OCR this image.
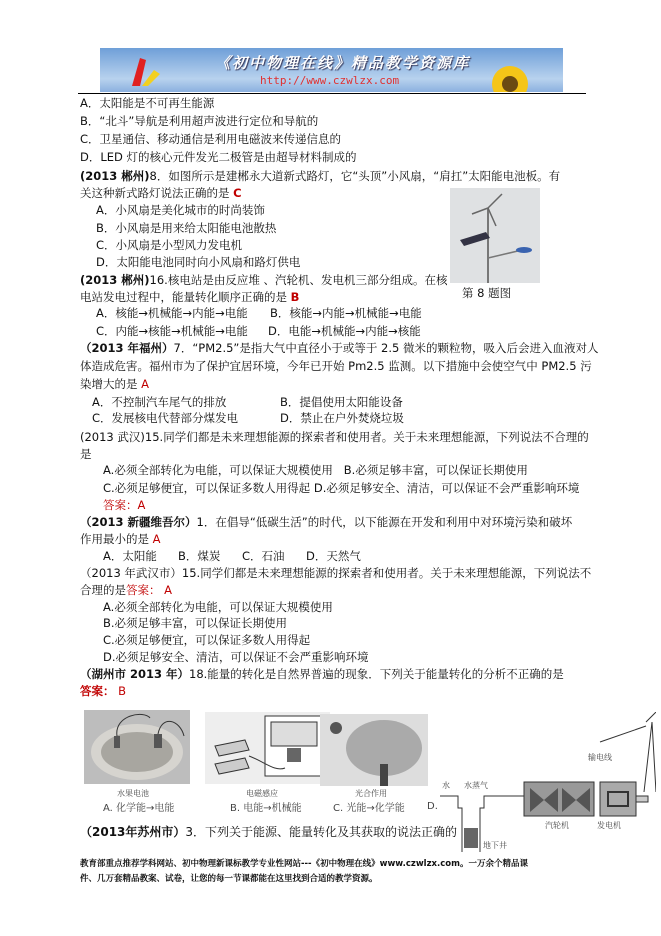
《初中物理在线》精品教学资源库
http://www.czwlzx.com
A．太阳能是不可再生能源
B．“北斗”导航是利用超声波进行定位和导航的
C．卫星通信、移动通信是利用电磁波来传递信息的
D．LED 灯的核心元件发光二极管是由超导材料制成的
(2013 郴州)8．如图所示是建郴永大道新式路灯，它“头顶”小风扇，“肩扛”太阳能电池板。有
关这种新式路灯说法正确的是 C
A．小风扇是美化城市的时尚装饰
B．小风扇是用来给太阳能电池散热
C．小风扇是小型风力发电机
D．太阳能电池同时向小风扇和路灯供电
第 8 题图
(2013 郴州)16.核电站是由反应堆 、汽轮机、发电机三部分组成。在核
电站发电过程中，能量转化顺序正确的是 B
A．核能→机械能→内能→电能 B．核能→内能→机械能→电能
C．内能→核能→机械能→电能 D．电能→机械能→内能→核能
（2013 年福州）7．“PM2.5”是指大气中直径小于或等于 2.5 微米的颗粒物，吸入后会进入血液对人
体造成危害。福州市为了保护宜居环境，今年已开始 Pm2.5 监测。以下措施中会使空气中 PM2.5 污
染增大的是 A
A．不控制汽车尾气的排放	B．提倡使用太阳能设备
C．发展核电代替部分煤发电	D．禁止在户外焚烧垃圾
(2013 武汉)15.同学们都是未来理想能源的探索者和使用者。关于未来理想能源，下列说法不合理的
是
A.必须全部转化为电能，可以保证大规模使用 B.必须足够丰富，可以保证长期使用
C.必须足够便宜，可以保证多数人用得起 D.必须足够安全、清洁，可以保证不会严重影响环境
答案：A
（2013 新疆维吾尔）1．在倡导“低碳生活”的时代，以下能源在开发和利用中对环境污染和破坏
作用最小的是 A
A．太阳能 B．煤炭 C．石油 D．天然气
（2013 年武汉市）15.同学们都是未来理想能源的探索者和使用者。关于未来理想能源，下列说法不
合理的是答案： A
A.必须全部转化为电能，可以保证大规模使用
B.必须足够丰富，可以保证长期使用
C.必须足够便宜，可以保证多数人用得起
D.必须足够安全、清洁，可以保证不会严重影响环境
（湖州市 2013 年）18.能量的转化是自然界普遍的现象．下列关于能量转化的分析不正确的是
答案： B
水果电池
A. 化学能→电能
电磁感应
B. 电能→机械能
光合作用
C. 光能→化学能 D.
水 水蒸气
汽轮机	发电机
输电线
地下井
（2013年苏州市）3．下列关于能源、能量转化及其获取的说法正确的
教育部重点推荐学科网站、初中物理新课标教学专业性网站---《初中物理在线》www.czwlzx.com。一万余个精品课
件、几万套精品教案、试卷，让您的每一节课都能在这里找到合适的教学资源。
